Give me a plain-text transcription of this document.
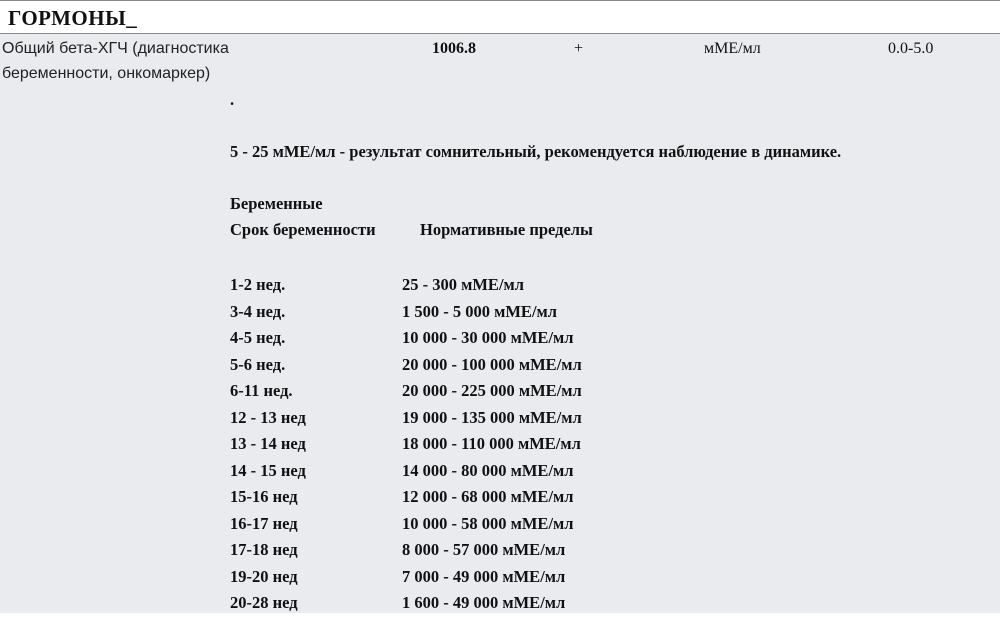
ГОРМОНЫ_
Общий бета-ХГЧ (диагностика беременности, онкомаркер)
1006.8	+	мМЕ/мл	0.0-5.0
.
5 - 25 мМЕ/мл - результат сомнительный, рекомендуется наблюдение в динамике.
Беременные
Срок беременности	Нормативные пределы
1-2 нед.	25 - 300 мМЕ/мл
3-4 нед.	1 500 - 5 000 мМЕ/мл
4-5 нед.	10 000 - 30 000 мМЕ/мл
5-6 нед.	20 000 - 100 000 мМЕ/мл
6-11 нед.	20 000 - 225 000 мМЕ/мл
12 - 13 нед	19 000 - 135 000 мМЕ/мл
13 - 14 нед	18 000 - 110 000 мМЕ/мл
14 - 15 нед	14 000 - 80 000 мМЕ/мл
15-16 нед	12 000 - 68 000 мМЕ/мл
16-17 нед	10 000 - 58 000 мМЕ/мл
17-18 нед	8 000 - 57 000 мМЕ/мл
19-20 нед	7 000 - 49 000 мМЕ/мл
20-28 нед	1 600 - 49 000 мМЕ/мл
